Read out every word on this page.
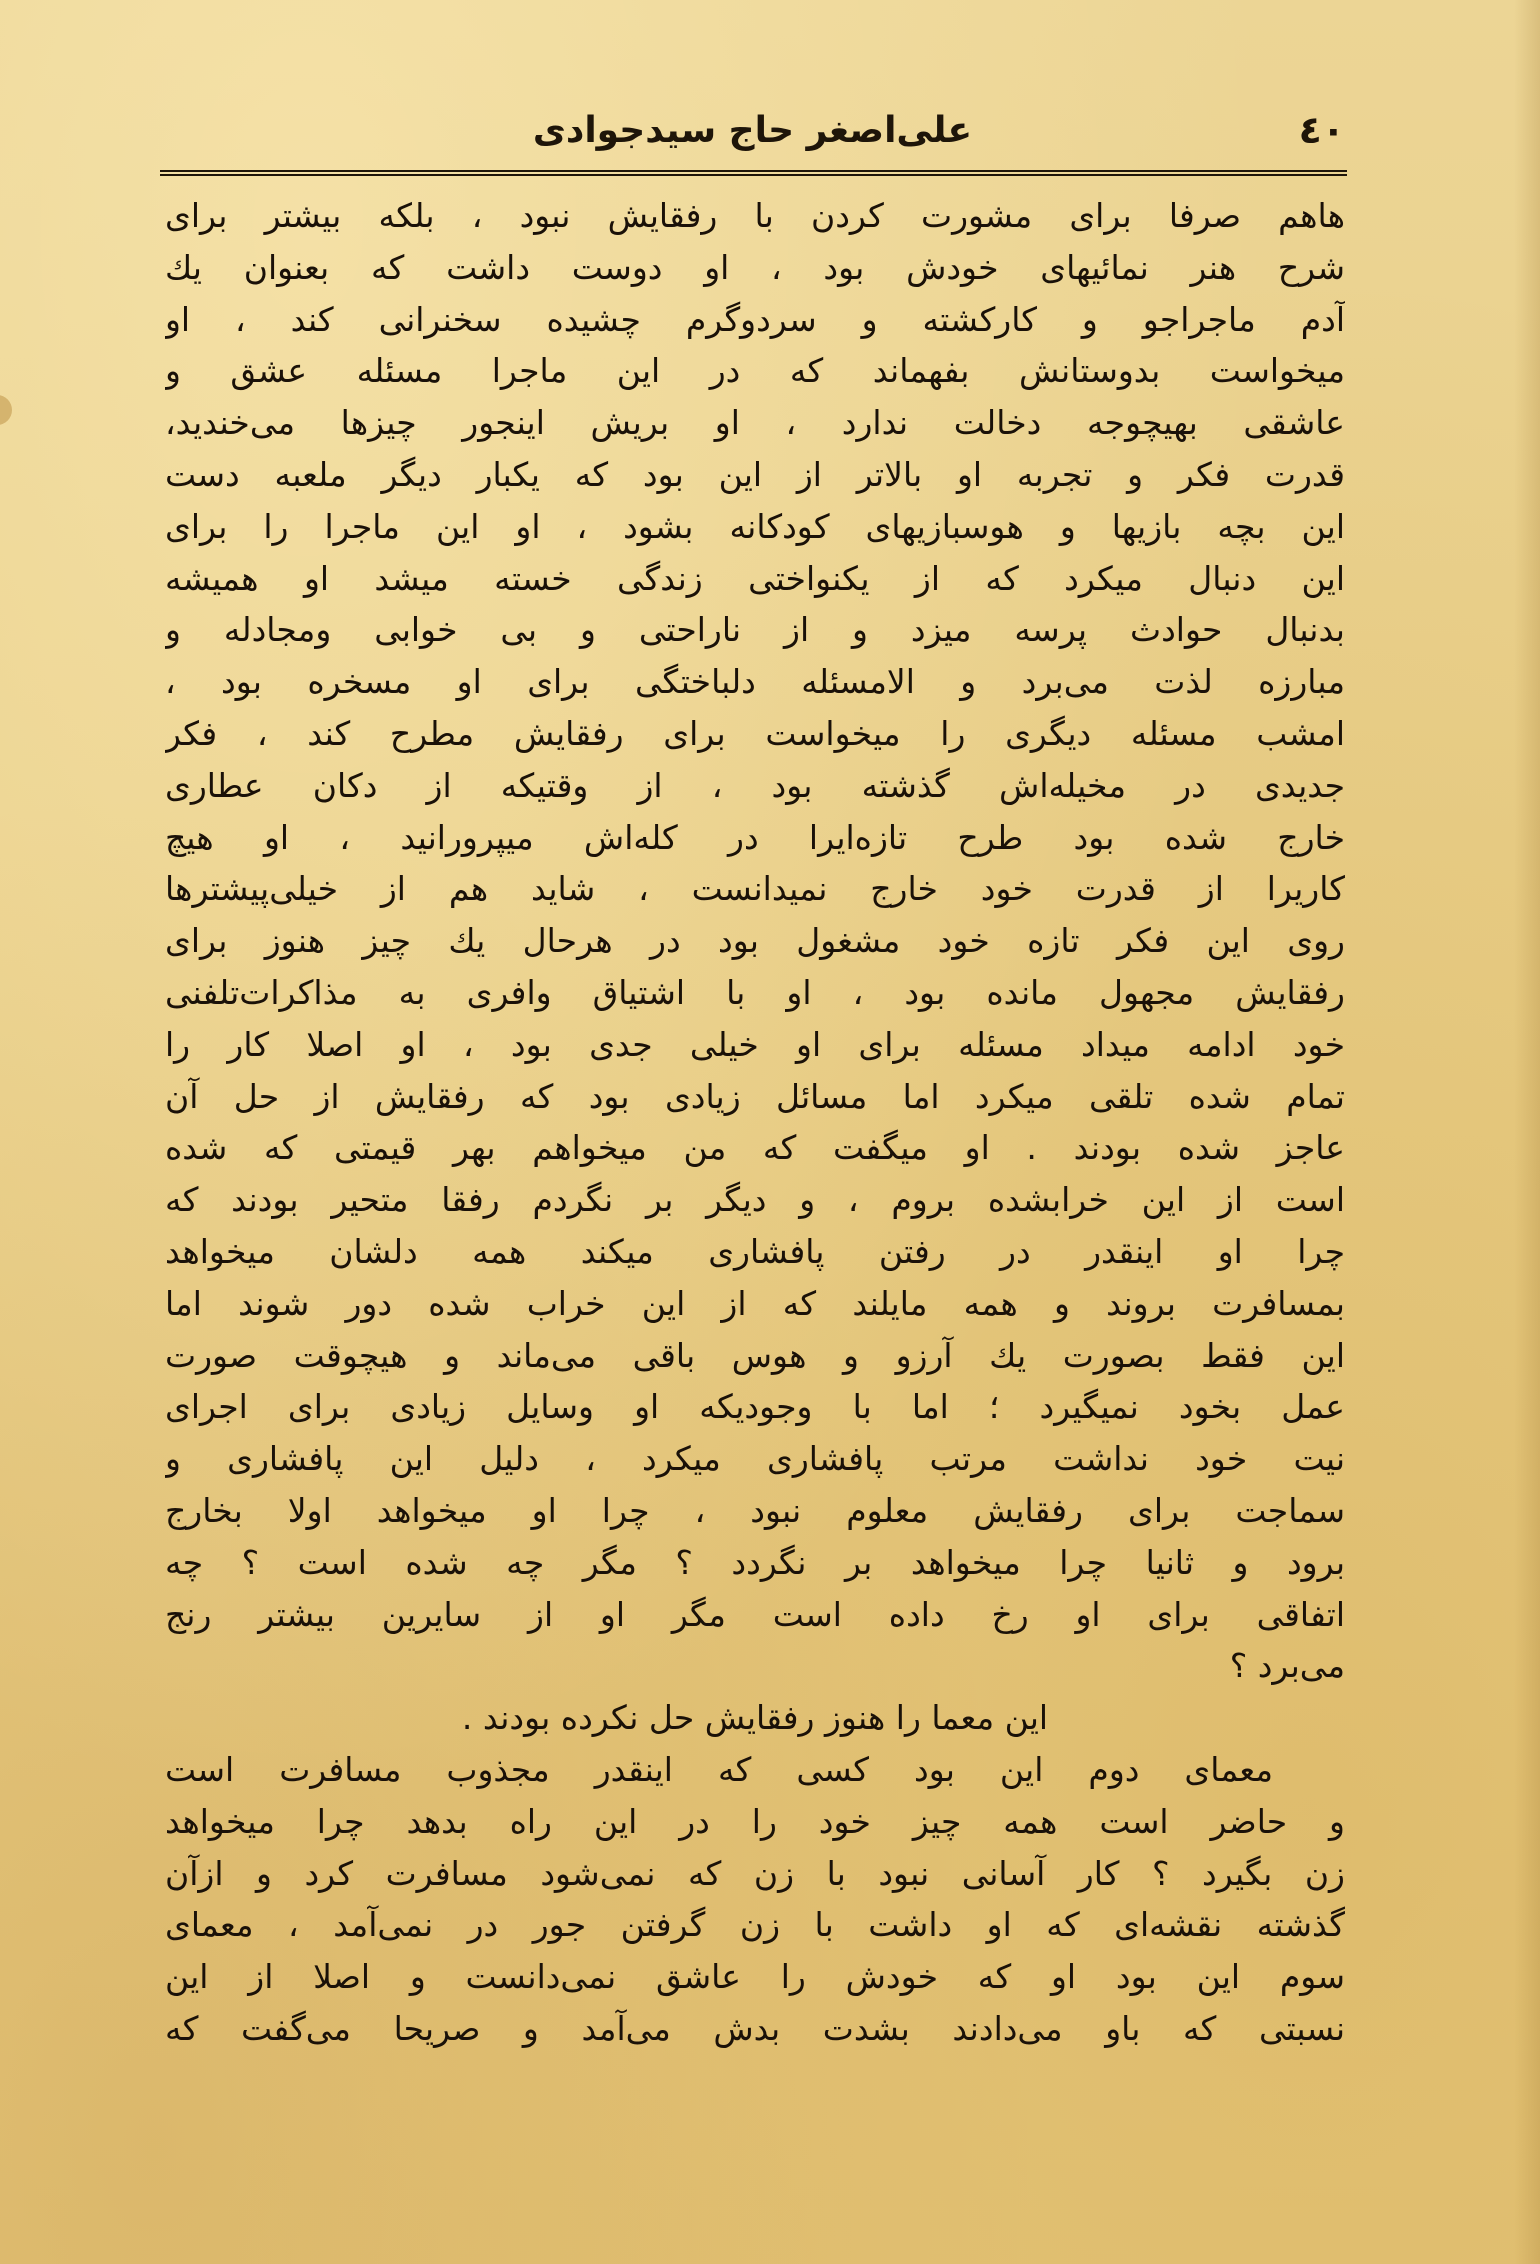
٤٠
علی‌اصغر حاج سیدجوادی
هاهم صرفا برای مشورت کردن با رفقایش نبود ، بلکه بیشتر برای
شرح هنر نمائیهای خودش بود ، او دوست داشت که بعنوان یك
آدم ماجراجو و کارکشته و سردوگرم چشیده سخنرانی کند ، او
میخواست بدوستانش بفهماند که در این ماجرا مسئله عشق و
عاشقی بهیچوجه دخالت ندارد ، او بریش اینجور چیزها می‌خندید،
قدرت فکر و تجربه او بالاتر از این بود که یکبار دیگر ملعبه دست
این بچه بازیها و هوسبازیهای کودکانه بشود ، او این ماجرا را برای
این دنبال میکرد که از یکنواختی زندگی خسته میشد او همیشه
بدنبال حوادث پرسه میزد و از ناراحتی و بی خوابی ومجادله و
مبارزه لذت می‌برد و الامسئله دلباختگی برای او مسخره بود ،
امشب مسئله دیگری را میخواست برای رفقایش مطرح کند ، فکر
جدیدی در مخیله‌اش گذشته بود ، از وقتیکه از دکان عطاری
خارج شده بود طرح تازه‌ایرا در کله‌اش میپرورانید ، او هیچ
کاریرا از قدرت خود خارج نمیدانست ، شاید هم از خیلی‌پیشترها
روی این فکر تازه خود مشغول بود در هرحال یك چیز هنوز برای
رفقایش مجهول مانده بود ، او با اشتیاق وافری به مذاکرات‌تلفنی
خود ادامه میداد مسئله برای او خیلی جدی بود ، او اصلا کار را
تمام شده تلقی میکرد اما مسائل زیادی بود که رفقایش از حل آن
عاجز شده بودند . او میگفت که من میخواهم بهر قیمتی که شده
است از این خرابشده بروم ، و دیگر بر نگردم رفقا متحیر بودند که
چرا او اینقدر در رفتن پافشاری میکند همه دلشان میخواهد
بمسافرت بروند و همه مایلند که از این خراب شده دور شوند اما
این فقط بصورت یك آرزو و هوس باقی می‌ماند و هیچوقت صورت
عمل بخود نمیگیرد ؛ اما با وجودیکه او وسایل زیادی برای اجرای
نیت خود نداشت مرتب پافشاری میکرد ، دلیل این پافشاری و
سماجت برای رفقایش معلوم نبود ، چرا او میخواهد اولا بخارج
برود و ثانیا چرا میخواهد بر نگردد ؟ مگر چه شده است ؟ چه
اتفاقی برای او رخ داده است مگر او از سایرین بیشتر رنج
می‌برد ؟
این معما را هنوز رفقایش حل نکرده بودند .
معمای دوم این بود کسی که اینقدر مجذوب مسافرت است
و حاضر است همه چیز خود را در این راه بدهد چرا میخواهد
زن بگیرد ؟ کار آسانی نبود با زن که نمی‌شود مسافرت کرد و ازآن
گذشته نقشه‌ای که او داشت با زن گرفتن جور در نمی‌آمد ، معمای
سوم این بود او که خودش را عاشق نمی‌دانست و اصلا از این
نسبتی که باو می‌دادند بشدت بدش می‌آمد و صریحا می‌گفت که
